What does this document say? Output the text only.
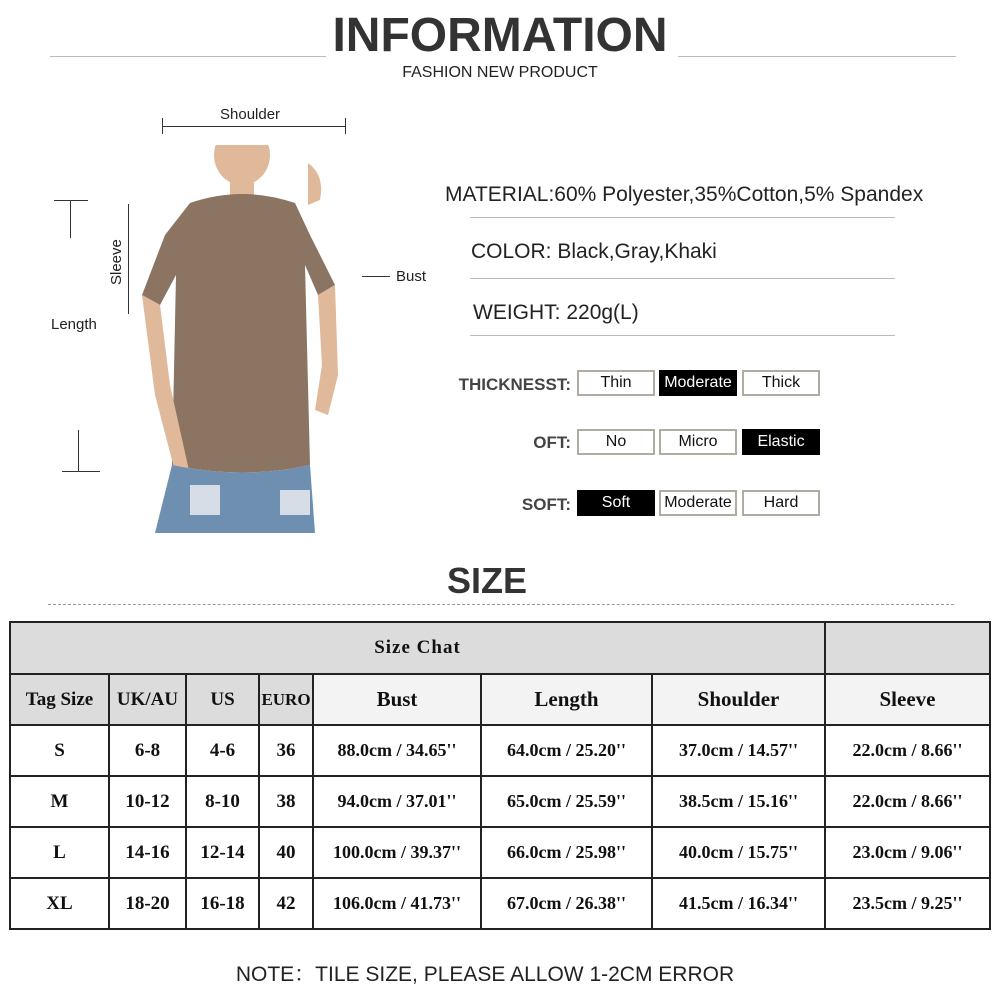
INFORMATION
FASHION NEW PRODUCT
Shoulder
Sleeve	Bust
Length
MATERIAL:60% Polyester,35%Cotton,5% Spandex
COLOR: Black,Gray,Khaki
WEIGHT: 220g(L)
THICKNESST:	Thin	Moderate	Thick
OFT:	No	Micro	Elastic
SOFT:	Soft	Moderate	Hard
SIZE
Size Chat							
Tag Size	UK/AU	US	EURO	Bust	Length	Shoulder	Sleeve
S	6-8	4-6	36	88.0cm / 34.65''	64.0cm / 25.20''	37.0cm / 14.57''	22.0cm / 8.66''
M	10-12	8-10	38	94.0cm / 37.01''	65.0cm / 25.59''	38.5cm / 15.16''	22.0cm / 8.66''
L	14-16	12-14	40	100.0cm / 39.37''	66.0cm / 25.98''	40.0cm / 15.75''	23.0cm / 9.06''
XL	18-20	16-18	42	106.0cm / 41.73''	67.0cm / 26.38''	41.5cm / 16.34''	23.5cm / 9.25''
NOTE：TILE SIZE, PLEASE ALLOW 1-2CM ERROR
